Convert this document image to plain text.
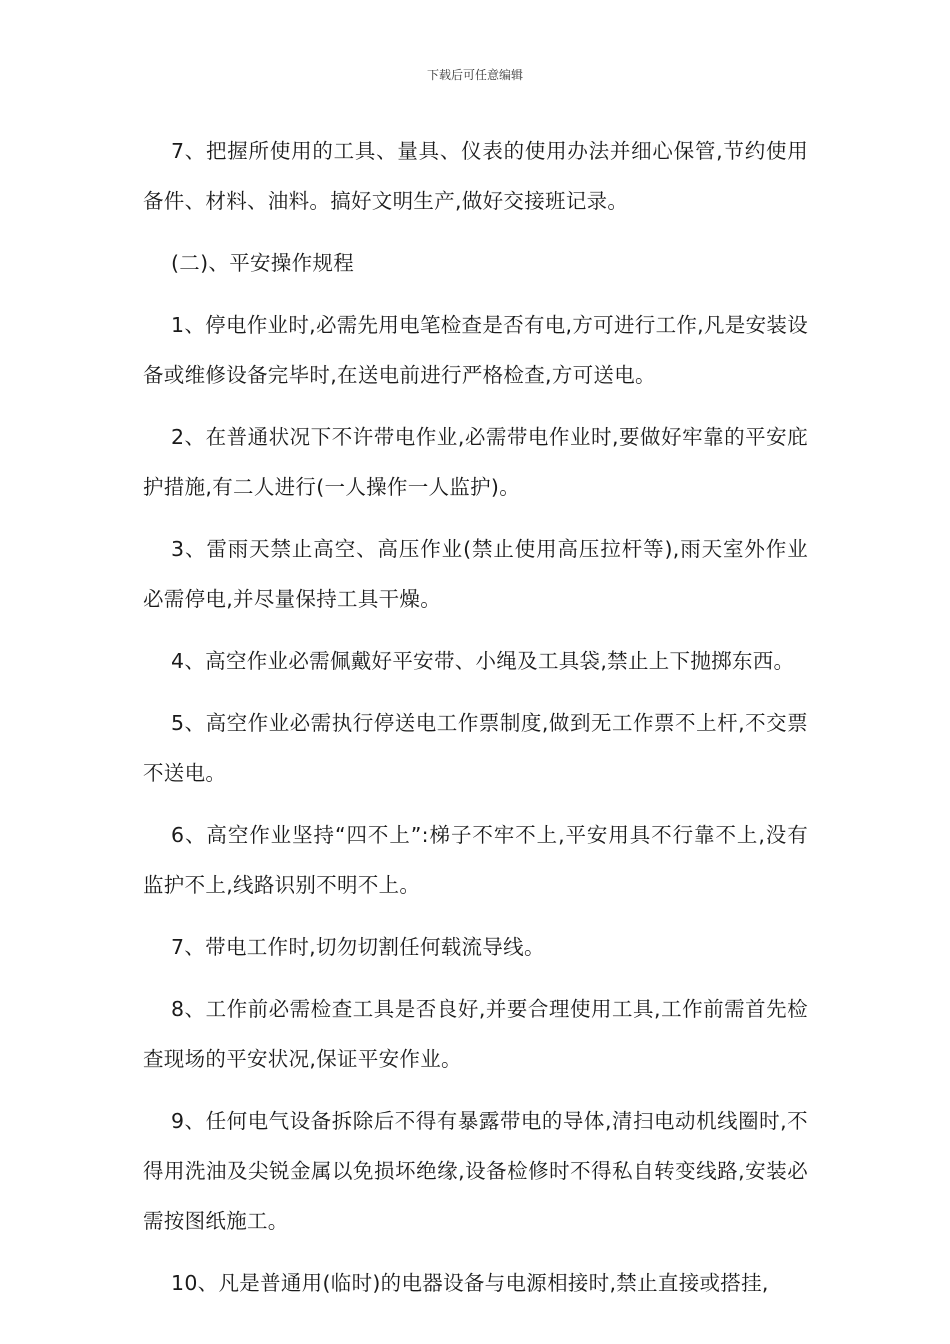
下载后可任意编辑

7、把握所使用的工具、量具、仪表的使用办法并细心保管,节约使用备件、材料、油料。搞好文明生产,做好交接班记录。

(二)、平安操作规程

1、停电作业时,必需先用电笔检查是否有电,方可进行工作,凡是安装设备或维修设备完毕时,在送电前进行严格检查,方可送电。

2、在普通状况下不许带电作业,必需带电作业时,要做好牢靠的平安庇护措施,有二人进行(一人操作一人监护)。

3、雷雨天禁止高空、高压作业(禁止使用高压拉杆等),雨天室外作业必需停电,并尽量保持工具干燥。

4、高空作业必需佩戴好平安带、小绳及工具袋,禁止上下抛掷东西。

5、高空作业必需执行停送电工作票制度,做到无工作票不上杆,不交票不送电。

6、高空作业坚持“四不上”:梯子不牢不上,平安用具不行靠不上,没有监护不上,线路识别不明不上。

7、带电工作时,切勿切割任何载流导线。

8、工作前必需检查工具是否良好,并要合理使用工具,工作前需首先检查现场的平安状况,保证平安作业。

9、任何电气设备拆除后不得有暴露带电的导体,清扫电动机线圈时,不得用洗油及尖锐金属以免损坏绝缘,设备检修时不得私自转变线路,安装必需按图纸施工。

10、凡是普通用(临时)的电器设备与电源相接时,禁止直接或搭挂,
